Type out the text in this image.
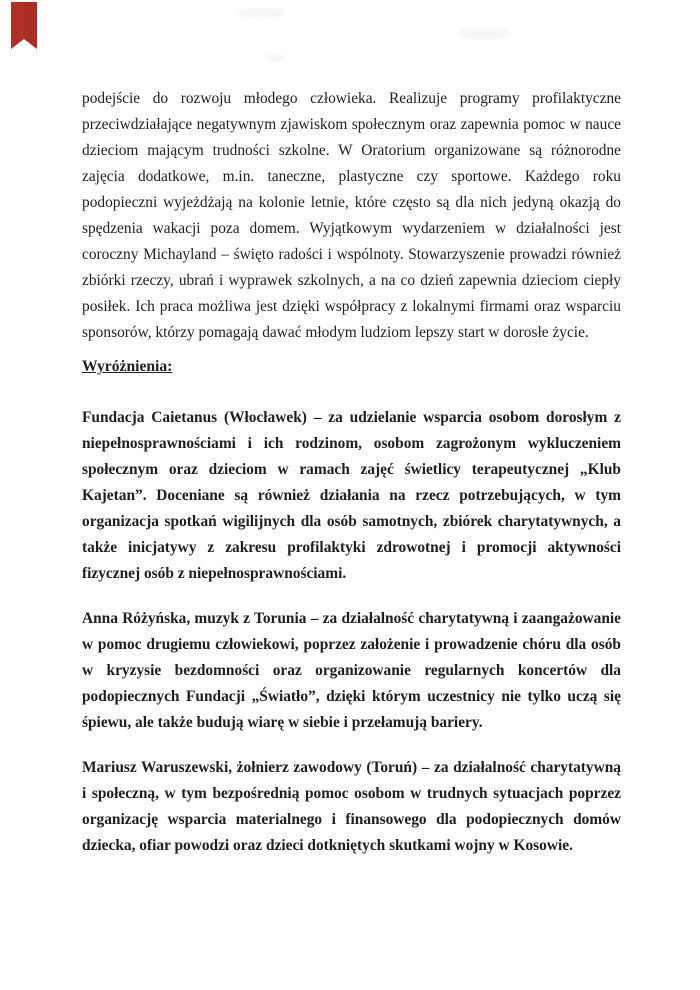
podejście do rozwoju młodego człowieka. Realizuje programy profilaktyczne przeciwdziałające negatywnym zjawiskom społecznym oraz zapewnia pomoc w nauce dzieciom mającym trudności szkolne. W Oratorium organizowane są różnorodne zajęcia dodatkowe, m.in. taneczne, plastyczne czy sportowe. Każdego roku podopieczni wyjeżdżają na kolonie letnie, które często są dla nich jedyną okazją do spędzenia wakacji poza domem. Wyjątkowym wydarzeniem w działalności jest coroczny Michayland – święto radości i wspólnoty. Stowarzyszenie prowadzi również zbiórki rzeczy, ubrań i wyprawek szkolnych, a na co dzień zapewnia dzieciom ciepły posiłek. Ich praca możliwa jest dzięki współpracy z lokalnymi firmami oraz wsparciu sponsorów, którzy pomagają dawać młodym ludziom lepszy start w dorosłe życie.

Wyróżnienia:

Fundacja Caietanus (Włocławek) – za udzielanie wsparcia osobom dorosłym z niepełnosprawnościami i ich rodzinom, osobom zagrożonym wykluczeniem społecznym oraz dzieciom w ramach zajęć świetlicy terapeutycznej „Klub Kajetan”. Doceniane są również działania na rzecz potrzebujących, w tym organizacja spotkań wigilijnych dla osób samotnych, zbiórek charytatywnych, a także inicjatywy z zakresu profilaktyki zdrowotnej i promocji aktywności fizycznej osób z niepełnosprawnościami.

Anna Różyńska, muzyk z Torunia – za działalność charytatywną i zaangażowanie w pomoc drugiemu człowiekowi, poprzez założenie i prowadzenie chóru dla osób w kryzysie bezdomności oraz organizowanie regularnych koncertów dla podopiecznych Fundacji „Światło”, dzięki którym uczestnicy nie tylko uczą się śpiewu, ale także budują wiarę w siebie i przełamują bariery.

Mariusz Waruszewski, żołnierz zawodowy (Toruń) – za działalność charytatywną i społeczną, w tym bezpośrednią pomoc osobom w trudnych sytuacjach poprzez organizację wsparcia materialnego i finansowego dla podopiecznych domów dziecka, ofiar powodzi oraz dzieci dotkniętych skutkami wojny w Kosowie.
